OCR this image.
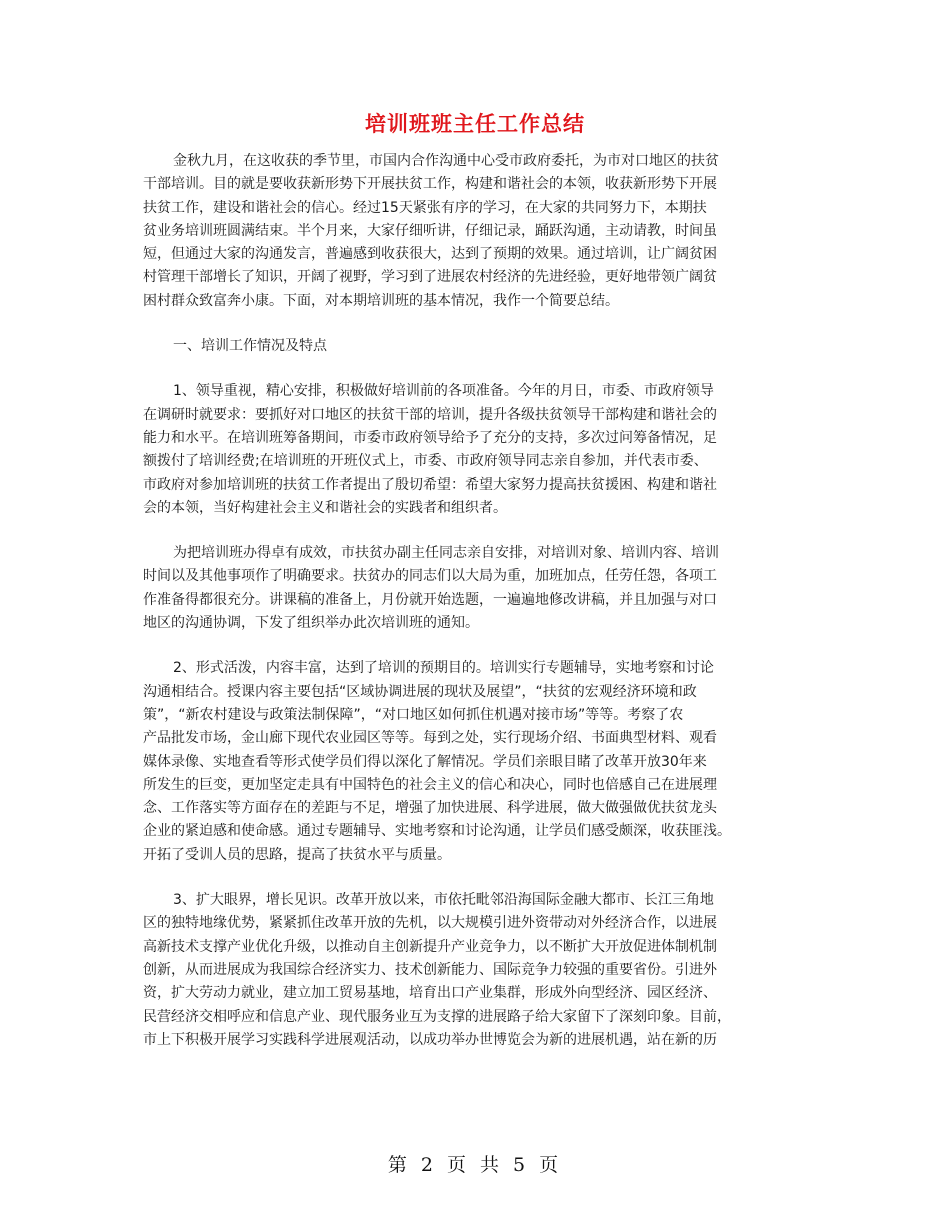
培训班班主任工作总结
金秋九月，在这收获的季节里，市国内合作沟通中心受市政府委托，为市对口地区的扶贫
干部培训。目的就是要收获新形势下开展扶贫工作，构建和谐社会的本领，收获新形势下开展
扶贫工作，建设和谐社会的信心。经过15天紧张有序的学习，在大家的共同努力下，本期扶
贫业务培训班圆满结束。半个月来，大家仔细听讲，仔细记录，踊跃沟通，主动请教，时间虽
短，但通过大家的沟通发言，普遍感到收获很大，达到了预期的效果。通过培训，让广阔贫困
村管理干部增长了知识，开阔了视野，学习到了进展农村经济的先进经验，更好地带领广阔贫
困村群众致富奔小康。下面，对本期培训班的基本情况，我作一个简要总结。
一、培训工作情况及特点
1、领导重视，精心安排，积极做好培训前的各项准备。今年的月日，市委、市政府领导
在调研时就要求：要抓好对口地区的扶贫干部的培训，提升各级扶贫领导干部构建和谐社会的
能力和水平。在培训班筹备期间，市委市政府领导给予了充分的支持，多次过问筹备情况，足
额拨付了培训经费;在培训班的开班仪式上，市委、市政府领导同志亲自参加，并代表市委、
市政府对参加培训班的扶贫工作者提出了殷切希望：希望大家努力提高扶贫援困、构建和谐社
会的本领，当好构建社会主义和谐社会的实践者和组织者。
为把培训班办得卓有成效，市扶贫办副主任同志亲自安排，对培训对象、培训内容、培训
时间以及其他事项作了明确要求。扶贫办的同志们以大局为重，加班加点，任劳任怨，各项工
作准备得都很充分。讲课稿的准备上，月份就开始选题，一遍遍地修改讲稿，并且加强与对口
地区的沟通协调，下发了组织举办此次培训班的通知。
2、形式活泼，内容丰富，达到了培训的预期目的。培训实行专题辅导，实地考察和讨论
沟通相结合。授课内容主要包括“区域协调进展的现状及展望”，“扶贫的宏观经济环境和政
策”，“新农村建设与政策法制保障”，“对口地区如何抓住机遇对接市场”等等。考察了农
产品批发市场，金山廊下现代农业园区等等。每到之处，实行现场介绍、书面典型材料、观看
媒体录像、实地查看等形式使学员们得以深化了解情况。学员们亲眼目睹了改革开放30年来
所发生的巨变，更加坚定走具有中国特色的社会主义的信心和决心，同时也倍感自己在进展理
念、工作落实等方面存在的差距与不足，增强了加快进展、科学进展，做大做强做优扶贫龙头
企业的紧迫感和使命感。通过专题辅导、实地考察和讨论沟通，让学员们感受颇深，收获匪浅。
开拓了受训人员的思路，提高了扶贫水平与质量。
3、扩大眼界，增长见识。改革开放以来，市依托毗邻沿海国际金融大都市、长江三角地
区的独特地缘优势，紧紧抓住改革开放的先机，以大规模引进外资带动对外经济合作，以进展
高新技术支撑产业优化升级，以推动自主创新提升产业竞争力，以不断扩大开放促进体制机制
创新，从而进展成为我国综合经济实力、技术创新能力、国际竞争力较强的重要省份。引进外
资，扩大劳动力就业，建立加工贸易基地，培育出口产业集群，形成外向型经济、园区经济、
民营经济交相呼应和信息产业、现代服务业互为支撑的进展路子给大家留下了深刻印象。目前，
市上下积极开展学习实践科学进展观活动，以成功举办世博览会为新的进展机遇，站在新的历
第 2 页 共 5 页
